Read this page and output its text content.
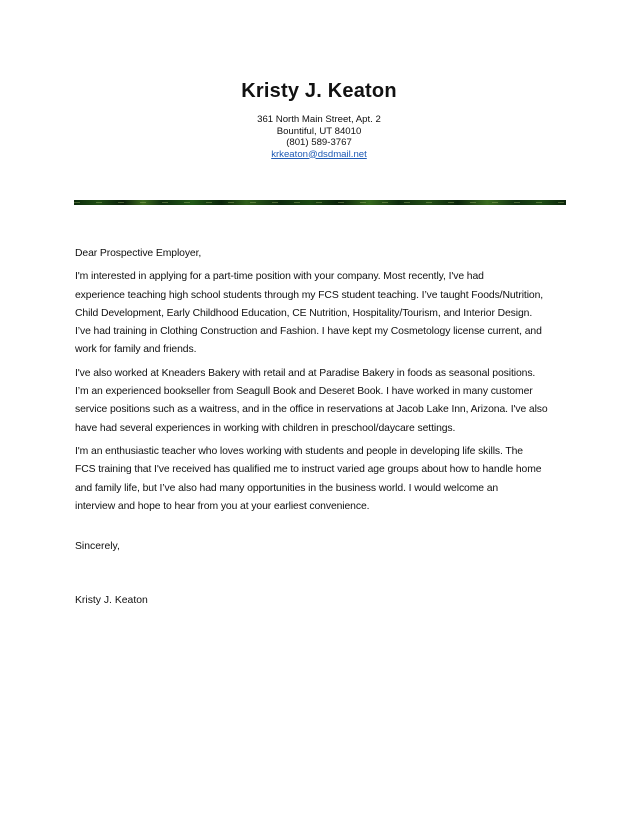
Kristy J. Keaton
361 North Main Street, Apt. 2
Bountiful, UT 84010
(801) 589-3767
krkeaton@dsdmail.net
Dear Prospective Employer,
I'm interested in applying for a part-time position with your company. Most recently, I've had
experience teaching high school students through my FCS student teaching. I’ve taught Foods/Nutrition,
Child Development, Early Childhood Education, CE Nutrition, Hospitality/Tourism, and Interior Design.
I’ve had training in Clothing Construction and Fashion. I have kept my Cosmetology license current, and
work for family and friends.
I've also worked at Kneaders Bakery with retail and at Paradise Bakery in foods as seasonal positions.
I’m an experienced bookseller from Seagull Book and Deseret Book. I have worked in many customer
service positions such as a waitress, and in the office in reservations at Jacob Lake Inn, Arizona. I've also
have had several experiences in working with children in preschool/daycare settings.
I'm an enthusiastic teacher who loves working with students and people in developing life skills. The
FCS training that I've received has qualified me to instruct varied age groups about how to handle home
and family life, but I’ve also had many opportunities in the business world. I would welcome an
interview and hope to hear from you at your earliest convenience.
Sincerely,
Kristy J. Keaton
